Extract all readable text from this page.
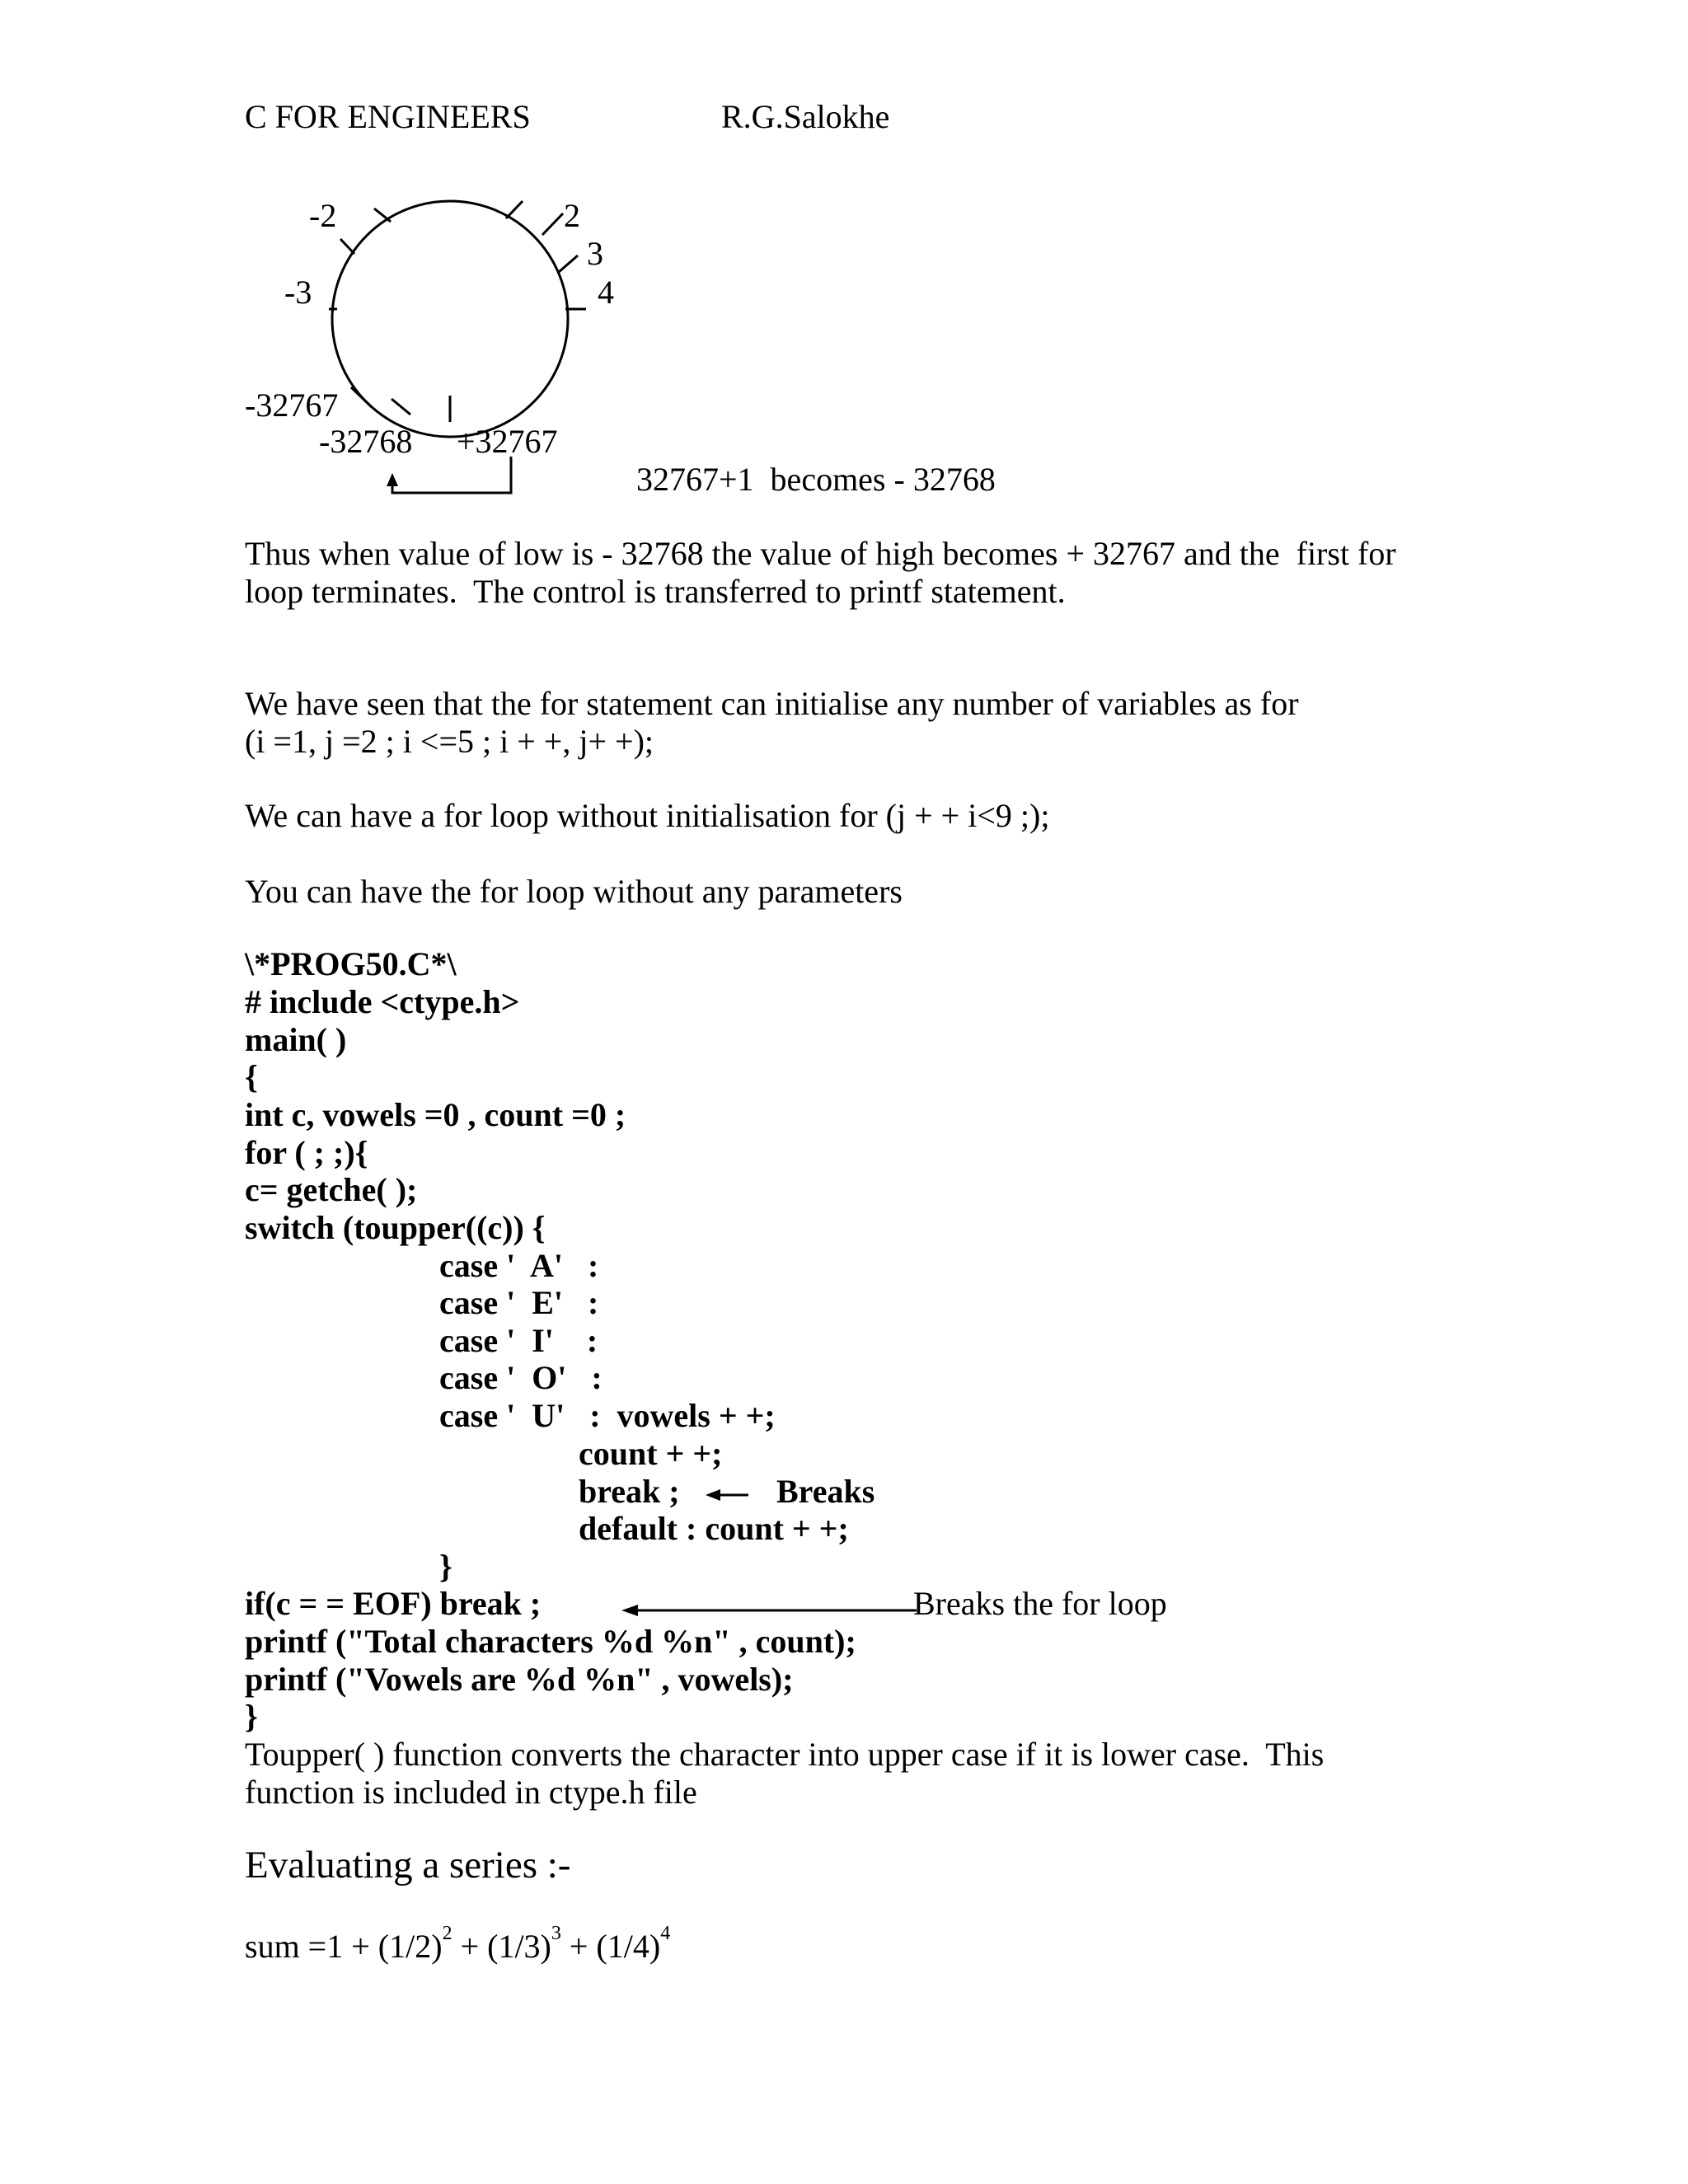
C FOR ENGINEERS	R.G.Salokhe
-2
-3
2
3
4
-32767
-32768 +32767
32767+1  becomes - 32768
Thus when value of low is - 32768 the value of high becomes + 32767 and the  first for
loop terminates.  The control is transferred to printf statement.
We have seen that the for statement can initialise any number of variables as for
(i =1, j =2 ; i <=5 ; i + +, j+ +);
We can have a for loop without initialisation for (j + + i<9 ;);
You can have the for loop without any parameters
\*PROG50.C*\
# include <ctype.h>
main( )
{
int c, vowels =0 , count =0 ;
for ( ; ;){
c= getche( );
switch (toupper((c)) {
case '  A'   :
case '  E'   :
case '  I'    :
case '  O'   :
case '  U'   :  vowels + +;
count + +;
break ;	Breaks
default : count + +;
}
if(c = = EOF) break ;	Breaks the for loop
printf ("Total characters %d %n" , count);
printf ("Vowels are %d %n" , vowels);
}
Toupper( ) function converts the character into upper case if it is lower case.  This
function is included in ctype.h file
Evaluating a series :-
sum $=1 + (1/2)^2 + (1/3)^3 + (1/4)^4$
